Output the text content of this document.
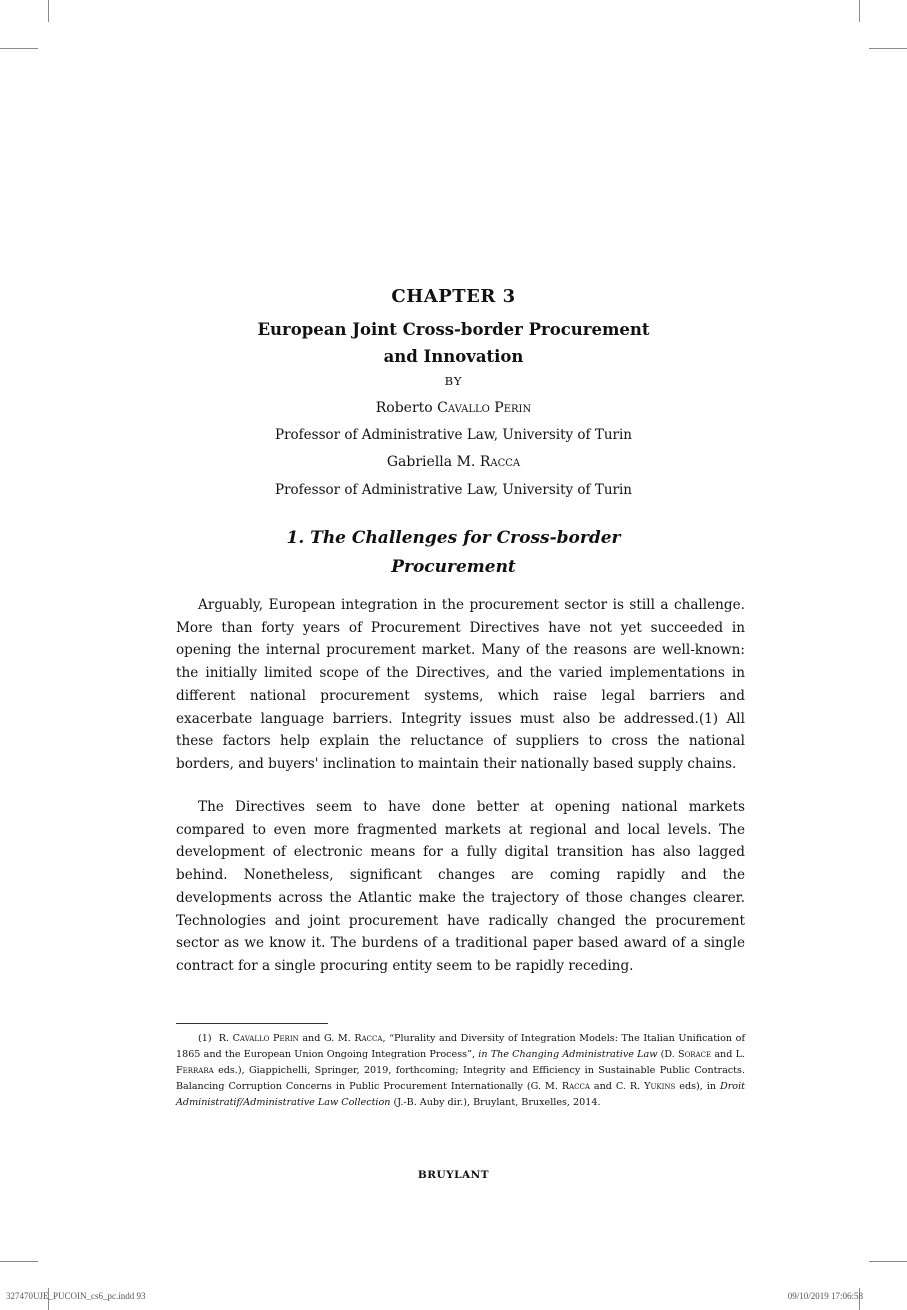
CHAPTER 3
European Joint Cross-border Procurement
and Innovation
BY
Roberto Cavallo Perin
Professor of Administrative Law, University of Turin
Gabriella M. Racca
Professor of Administrative Law, University of Turin
1. The Challenges for Cross-border
Procurement

Arguably, European integration in the procurement sector is still a challenge. More than forty years of Procurement Directives have not yet succeeded in opening the internal procurement market. Many of the reasons are well-known: the initially limited scope of the Directives, and the varied implementations in different national procurement systems, which raise legal barriers and exacerbate language barriers. Integrity issues must also be addressed.(1) All these factors help explain the reluctance of suppliers to cross the national borders, and buyers' inclination to maintain their nationally based supply chains.

The Directives seem to have done better at opening national markets compared to even more fragmented markets at regional and local levels. The development of electronic means for a fully digital transition has also lagged behind. Nonetheless, significant changes are coming rapidly and the developments across the Atlantic make the trajectory of those changes clearer. Technologies and joint procurement have radically changed the procurement sector as we know it. The burdens of a traditional paper based award of a single contract for a single procuring entity seem to be rapidly receding.

(1) R. Cavallo Perin and G. M. Racca, “Plurality and Diversity of Integration Models: The Italian Unification of 1865 and the European Union Ongoing Integration Process”, in The Changing Administrative Law (D. Sorace and L. Ferrara eds.), Giappichelli, Springer, 2019, forthcoming; Integrity and Efficiency in Sustainable Public Contracts. Balancing Corruption Concerns in Public Procurement Internationally (G. M. Racca and C. R. Yukins eds), in Droit Administratif/Administrative Law Collection (J.-B. Auby dir.), Bruylant, Bruxelles, 2014.

BRUYLANT
327470UJE_PUCOIN_cs6_pc.indd 93	09/10/2019 17:06:58
